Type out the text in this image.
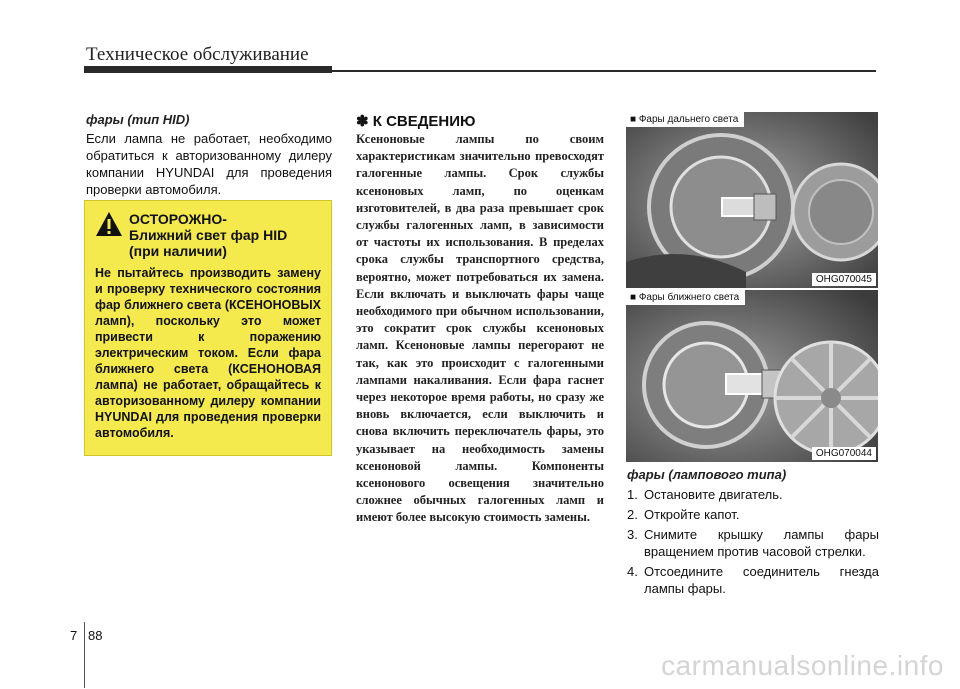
Техническое обслуживание
фары (тип HID)
Если лампа не работает, необходимо обратиться к авторизованному дилеру компании HYUNDAI для проведения проверки автомобиля.
ОСТОРОЖНО-
Ближний свет фар HID
(при наличии)
Не пытайтесь производить замену и проверку технического состояния фар ближнего света (КСЕНОНОВЫХ ламп), поскольку это может привести к поражению электрическим током. Если фара ближнего света (КСЕНОНОВАЯ лампа) не работает, обращайтесь к авторизованному дилеру компании HYUNDAI для проведения проверки автомобиля.
✽ К СВЕДЕНИЮ
Ксеноновые лампы по своим характеристикам значительно превосходят галогенные лампы. Срок службы ксеноновых ламп, по оценкам изготовителей, в два раза превышает срок службы галогенных ламп, в зависимости от частоты их использования. В пределах срока службы транспортного средства, вероятно, может потребоваться их замена. Если включать и выключать фары чаще необходимого при обычном использовании, это сократит срок службы ксеноновых ламп. Ксеноновые лампы перегорают не так, как это происходит с галогенными лампами накаливания. Если фара гаснет через некоторое время работы, но сразу же вновь включается, если выключить и снова включить переключатель фары, это указывает на необходимость замены ксеноновой лампы. Компоненты ксенонового освещения значительно сложнее обычных галогенных ламп и имеют более высокую стоимость замены.
■ Фары дальнего света
OHG070045
■ Фары ближнего света
OHG070044
фары (лампового типа)
1. Остановите двигатель.
2. Откройте капот.
3. Снимите крышку лампы фары вращением против часовой стрелки.
4. Отсоедините соединитель гнезда лампы фары.
7 88
carmanualsonline.info
